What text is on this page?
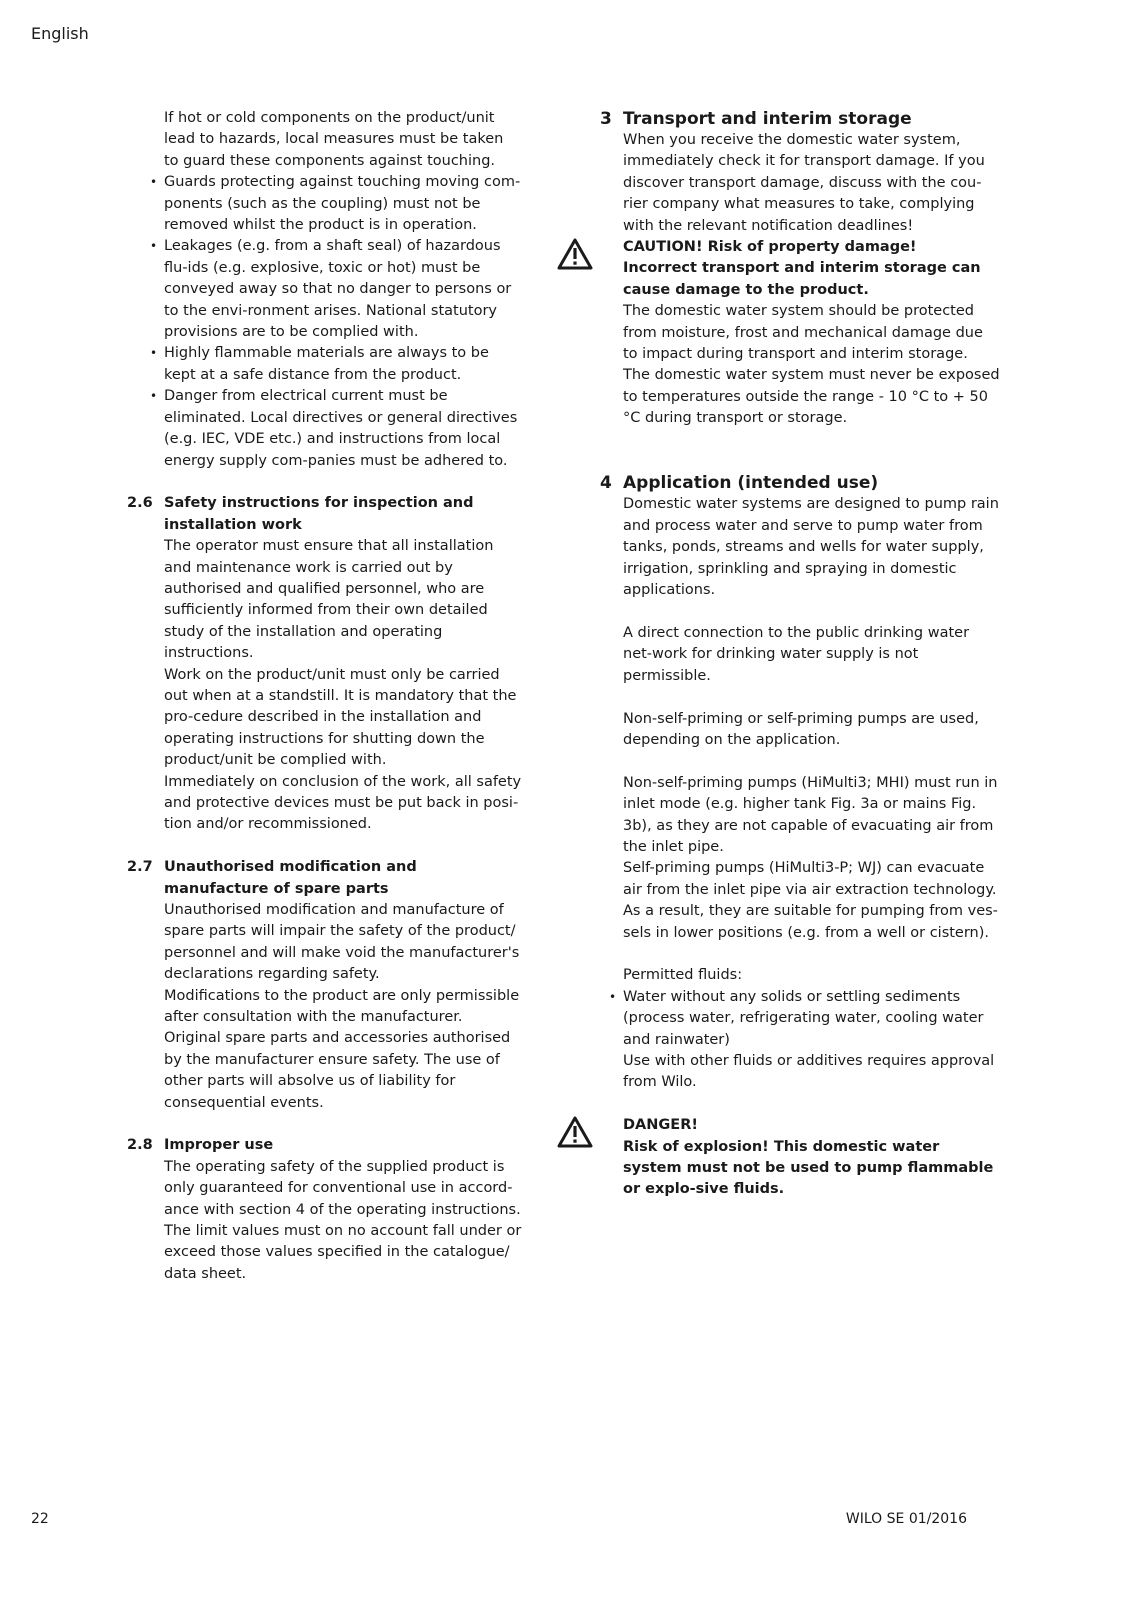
English

If hot or cold components on the product/unit lead to hazards, local measures must be taken to guard these components against touching.

• Guards protecting against touching moving com-ponents (such as the coupling) must not be removed whilst the product is in operation.
• Leakages (e.g. from a shaft seal) of hazardous flu-ids (e.g. explosive, toxic or hot) must be conveyed away so that no danger to persons or to the envi-ronment arises. National statutory provisions are to be complied with.
• Highly flammable materials are always to be kept at a safe distance from the product.
• Danger from electrical current must be eliminated. Local directives or general directives (e.g. IEC, VDE etc.) and instructions from local energy supply com-panies must be adhered to.
2.6 Safety instructions for inspection and installation work

The operator must ensure that all installation and maintenance work is carried out by authorised and qualified personnel, who are sufficiently informed from their own detailed study of the installation and operating instructions.

Work on the product/unit must only be carried out when at a standstill. It is mandatory that the pro-cedure described in the installation and operating instructions for shutting down the product/unit be complied with.

Immediately on conclusion of the work, all safety and protective devices must be put back in posi-tion and/or recommissioned.

2.7 Unauthorised modification and manufacture of spare parts

Unauthorised modification and manufacture of spare parts will impair the safety of the product/ personnel and will make void the manufacturer's declarations regarding safety.

Modifications to the product are only permissible after consultation with the manufacturer. Original spare parts and accessories authorised by the manufacturer ensure safety. The use of other parts will absolve us of liability for consequential events.

2.8 Improper use

The operating safety of the supplied product is only guaranteed for conventional use in accord-ance with section 4 of the operating instructions. The limit values must on no account fall under or exceed those values specified in the catalogue/ data sheet.

3 Transport and interim storage

When you receive the domestic water system, immediately check it for transport damage. If you discover transport damage, discuss with the cou-rier company what measures to take, complying with the relevant notification deadlines!

CAUTION! Risk of property damage!

Incorrect transport and interim storage can cause damage to the product.

The domestic water system should be protected from moisture, frost and mechanical damage due to impact during transport and interim storage.

The domestic water system must never be exposed to temperatures outside the range - 10 °C to + 50 °C during transport or storage.

4 Application (intended use)

Domestic water systems are designed to pump rain and process water and serve to pump water from tanks, ponds, streams and wells for water supply, irrigation, sprinkling and spraying in domestic applications.

A direct connection to the public drinking water net-work for drinking water supply is not permissible.

Non-self-priming or self-priming pumps are used, depending on the application.

Non-self-priming pumps (HiMulti3; MHI) must run in inlet mode (e.g. higher tank Fig. 3a or mains Fig. 3b), as they are not capable of evacuating air from the inlet pipe.

Self-priming pumps (HiMulti3-P; WJ) can evacuate air from the inlet pipe via air extraction technology. As a result, they are suitable for pumping from ves-sels in lower positions (e.g. from a well or cistern).

Permitted fluids:

• Water without any solids or settling sediments (process water, refrigerating water, cooling water and rainwater)

Use with other fluids or additives requires approval from Wilo.

DANGER!

Risk of explosion! This domestic water system must not be used to pump flammable or explo-sive fluids.

22	WILO SE 01/2016
